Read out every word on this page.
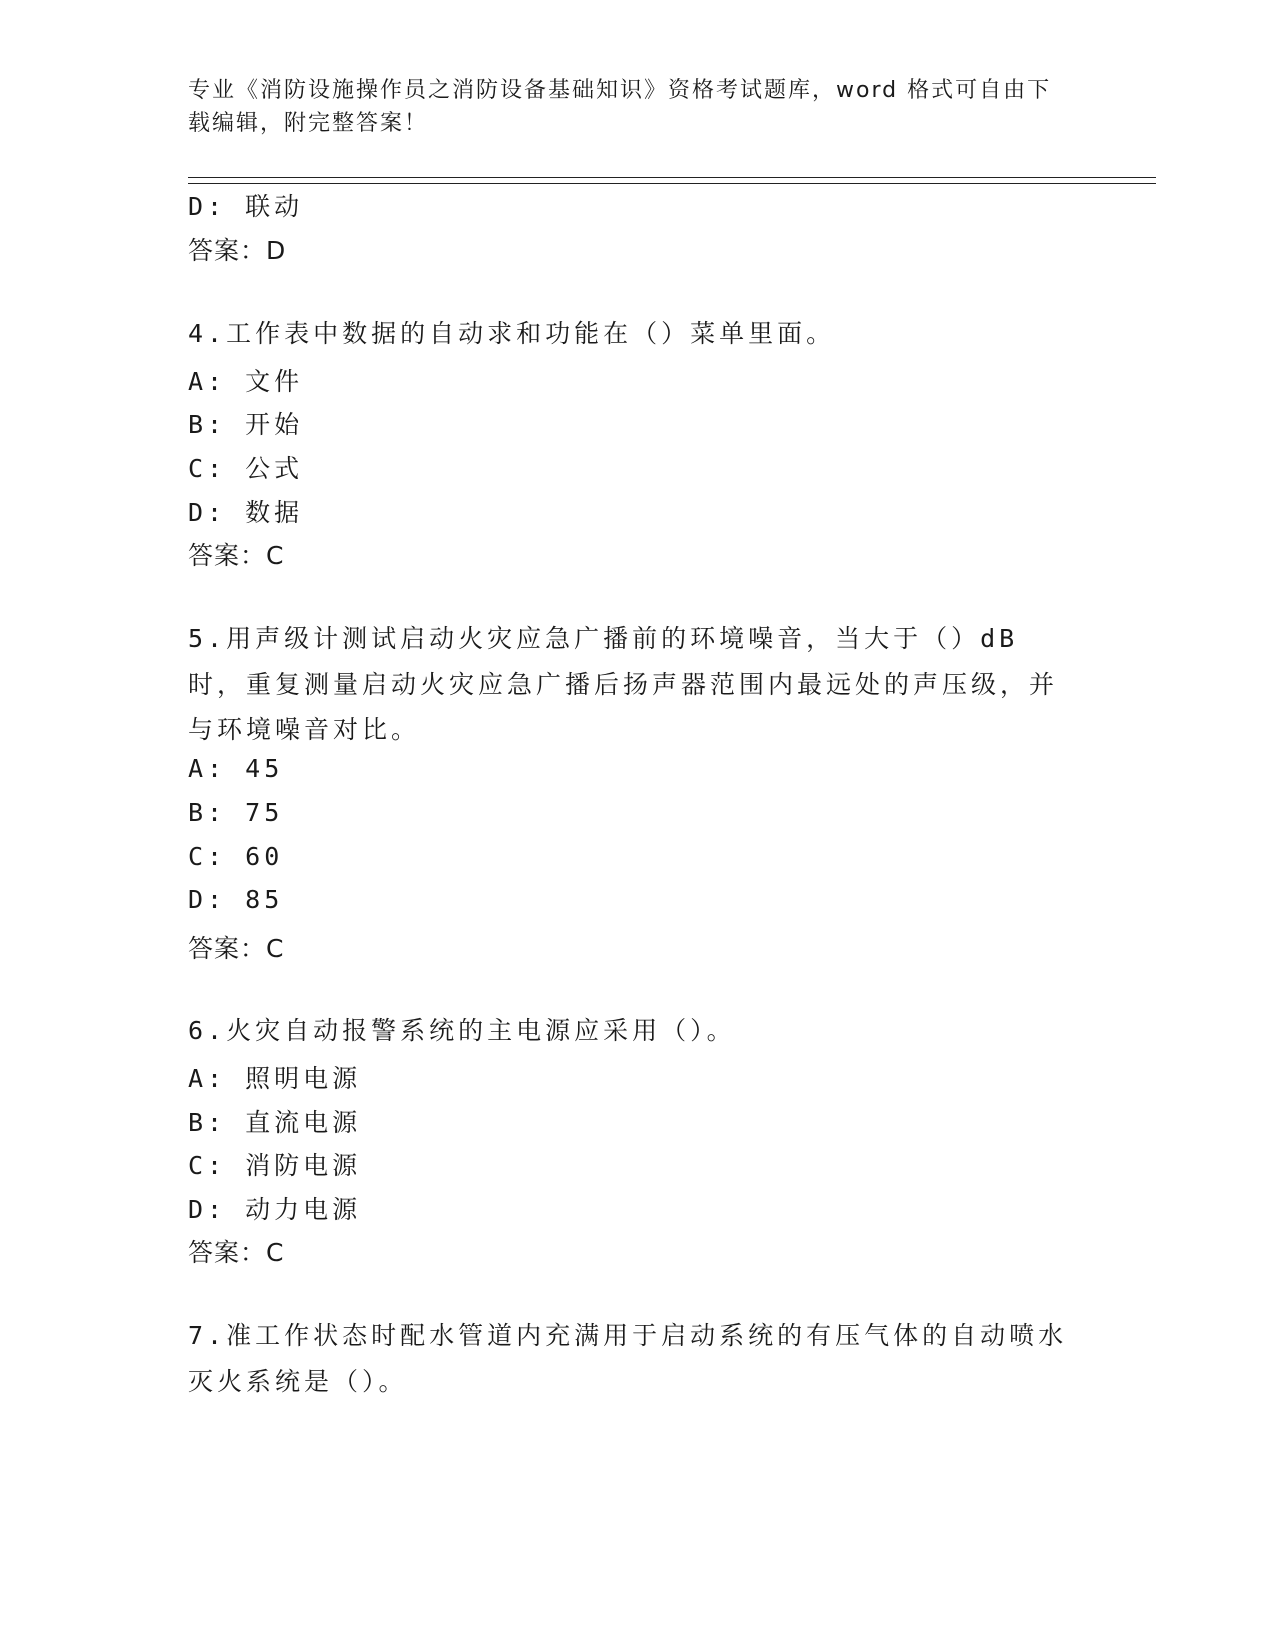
专业《消防设施操作员之消防设备基础知识》资格考试题库，word 格式可自由下
载编辑，附完整答案！
D: 联动
答案：D
4.工作表中数据的自动求和功能在（）菜单里面。
A: 文件
B: 开始
C: 公式
D: 数据
答案：C
5.用声级计测试启动火灾应急广播前的环境噪音，当大于（）dB 时，重复测量启动火灾应急广播后扬声器范围内最远处的声压级，并与环境噪音对比。
A: 45
B: 75
C: 60
D: 85
答案：C
6.火灾自动报警系统的主电源应采用（）。
A: 照明电源
B: 直流电源
C: 消防电源
D: 动力电源
答案：C
7.准工作状态时配水管道内充满用于启动系统的有压气体的自动喷水灭火系统是（）。
